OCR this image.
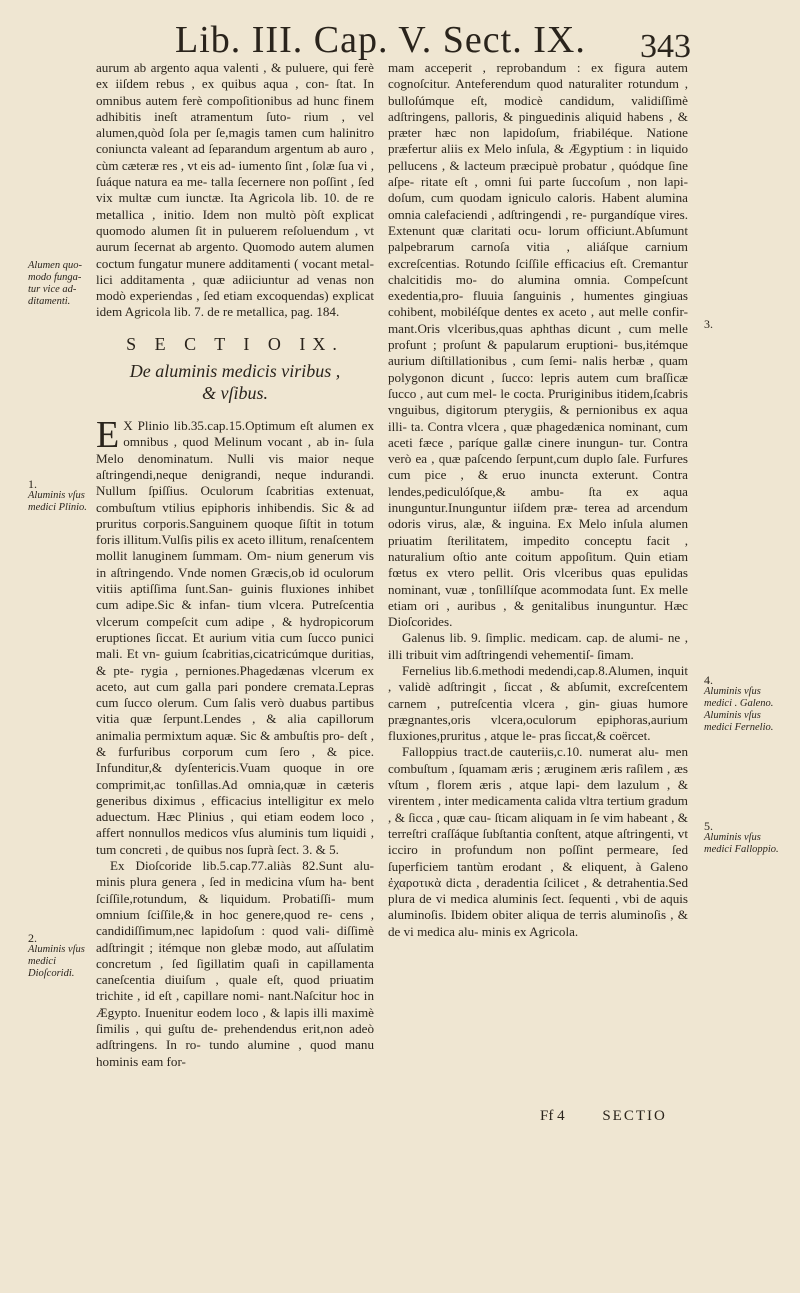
Lib. III. Cap. V. Sect. IX. 343
Alumen quo- modo funga- tur vice ad- ditamenti.
1.
Aluminis vſus medici Plinio.
2.
Aluminis vſus medici Dioſcoridi.
3.
4.
Aluminis vſus medici . Galeno. Aluminis vſus medici Fernelio.
5.
Aluminis vſus medici Falloppio.

aurum ab argento aqua valenti , & puluere, qui ferè ex iiſdem rebus , ex quibus aqua , con- ſtat. In omnibus autem ferè compoſitionibus ad hunc finem adhibitis ineſt atramentum ſuto- rium , vel alumen,quòd ſola per ſe,magis tamen cum halinitro coniuncta valeant ad ſeparandum argentum ab auro , cùm cæteræ res , vt eis ad- iumento ſint , ſolæ ſua vi , ſuáque natura ea me- talla ſecernere non poſſint , ſed vix multæ cum iunctæ. Ita Agricola lib. 10. de re metallica , initio. Idem non multò pòſt explicat quomodo alumen ſit in puluerem reſoluendum , vt aurum ſecernat ab argento. Quomodo autem alumen coctum fungatur munere additamenti ( vocant metal- lici additamenta , quæ adiiciuntur ad venas non modò experiendas , ſed etiam excoquendas) explicat idem Agricola lib. 7. de re metallica, pag. 184.

S E C T I O IX.
De aluminis medicis viribus ,
& vſibus.

E X Plinio lib.35.cap.15.Optimum eſt alumen ex omnibus , quod Melinum vocant , ab in- ſula Melo denominatum. Nulli vis maior neque aſtringendi,neque denigrandi, neque indurandi. Nullum ſpiſſius. Oculorum ſcabritias extenuat, combuſtum vtilius epiphoris inhibendis. Sic & ad pruritus corporis.Sanguinem quoque ſiſtit in totum foris illitum.Vulſis pilis ex aceto illitum, renaſcentem mollit lanuginem ſummam. Om- nium generum vis in aſtringendo. Vnde nomen Græcis,ob id oculorum vitiis aptiſſima ſunt.San- guinis fluxiones inhibet cum adipe.Sic & infan- tium vlcera. Putreſcentia vlcerum compeſcit cum adipe , & hydropicorum eruptiones ſiccat. Et aurium vitia cum ſucco punici mali. Et vn- guium ſcabritias,cicatricúmque duritias, & pte- rygia , perniones.Phagedænas vlcerum ex aceto, aut cum galla pari pondere cremata.Lepras cum ſucco olerum. Cum ſalis verò duabus partibus vitia quæ ſerpunt.Lendes , & alia capillorum animalia permixtum aquæ. Sic & ambuſtis pro- deſt , & furfuribus corporum cum ſero , & pice. Infunditur,& dyſentericis.Vuam quoque in ore comprimit,ac tonſillas.Ad omnia,quæ in cæteris generibus diximus , efficacius intelligitur ex melo aduectum. Hæc Plinius , qui etiam eodem loco , affert nonnullos medicos vſus aluminis tum liquidi , tum concreti , de quibus nos ſuprà ſect. 3. & 5.

Ex Dioſcoride lib.5.cap.77.aliàs 82.Sunt alu- minis plura genera , ſed in medicina vſum ha- bent ſciſſile,rotundum, & liquidum. Probatiſſi- mum omnium ſciſſile,& in hoc genere,quod re- cens , candidiſſimum,nec lapidoſum : quod vali- diſſimè adſtringit ; itémque non glebæ modo, aut aſſulatim concretum , ſed ſigillatim quaſi in capillamenta caneſcentia diuiſum , quale eſt, quod priuatim trichite , id eſt , capillare nomi- nant.Naſcitur hoc in Ægypto. Inuenitur eodem loco , & lapis illi maximè ſimilis , qui guſtu de- prehendendus erit,non adeò adſtringens. In ro- tundo alumine , quod manu hominis eam for-

mam acceperit , reprobandum : ex figura autem cognoſcitur. Anteferendum quod naturaliter rotundum , bulloſúmque eſt, modicè candidum, validiſſimè adſtringens, palloris, & pinguedinis aliquid habens , & præter hæc non lapidoſum, friabiléque. Natione præfertur aliis ex Melo inſula, & Ægyptium : in liquido pellucens , & lacteum præcipuè probatur , quódque ſine aſpe- ritate eſt , omni ſui parte ſuccoſum , non lapi- doſum, cum quodam igniculo caloris. Habent alumina omnia calefaciendi , adſtringendi , re- purgandíque vires. Extenunt quæ claritati ocu- lorum officiunt.Abſumunt palpebrarum carnoſa vitia , aliáſque carnium excreſcentias. Rotundo ſciſſile efficacius eſt. Cremantur chalcitidis mo- do alumina omnia. Compeſcunt exedentia,pro- fluuia ſanguinis , humentes gingiuas cohibent, mobiléſque dentes ex aceto , aut melle confir- mant.Oris vlceribus,quas aphthas dicunt , cum melle profunt ; proſunt & papularum eruptioni- bus,itémque aurium diſtillationibus , cum ſemi- nalis herbæ , quam polygonon dicunt , ſucco: lepris autem cum braſſicæ ſucco , aut cum mel- le cocta. Pruriginibus itidem,ſcabris vnguibus, digitorum pterygiis, & pernionibus ex aqua illi- ta. Contra vlcera , quæ phagedænica nominant, cum aceti fæce , paríque gallæ cinere inungun- tur. Contra verò ea , quæ paſcendo ſerpunt,cum duplo ſale. Furfures cum pice , & eruo inuncta exterunt. Contra lendes,pediculóſque,& ambu- ſta ex aqua inunguntur.Inunguntur iiſdem præ- terea ad arcendum odoris virus, alæ, & inguina. Ex Melo inſula alumen priuatim ſterilitatem, impedito conceptu facit , naturalium oſtio ante coitum appoſitum. Quin etiam fœtus ex vtero pellit. Oris vlceribus quas epulidas nominant, vuæ , tonſillíſque acommodata ſunt. Ex melle etiam ori , auribus , & genitalibus inunguntur. Hæc Dioſcorides.

Galenus lib. 9. ſimplic. medicam. cap. de alumi- ne , illi tribuit vim adſtringendi vehementiſ- ſimam.

Fernelius lib.6.methodi medendi,cap.8.Alumen, inquit , validè adſtringit , ſiccat , & abſumit, excreſcentem carnem , putreſcentia vlcera , gin- giuas humore prægnantes,oris vlcera,oculorum epiphoras,aurium fluxiones,pruritus , atque le- pras ſiccat,& coërcet.

Falloppius tract.de cauteriis,c.10. numerat alu- men combuſtum , ſquamam æris ; æruginem æris raſilem , æs vſtum , florem æris , atque lapi- dem lazulum , & virentem , inter medicamenta calida vltra tertium gradum , & ſicca , quæ cau- ſticam aliquam in ſe vim habeant , & terreſtri craſſáque ſubſtantia conſtent, atque aſtringenti, vt icciro in profundum non poſſint permeare, ſed ſuperficiem tantùm erodant , & eliquent, à Galeno ἐχαροτικὰ dicta , deradentia ſcilicet , & detrahentia.Sed plura de vi medica aluminis ſect. ſequenti , vbi de aquis aluminoſis. Ibidem obiter aliqua de terris aluminoſis , & de vi medica alu- minis ex Agricola.

Ff 4	SECTIO
